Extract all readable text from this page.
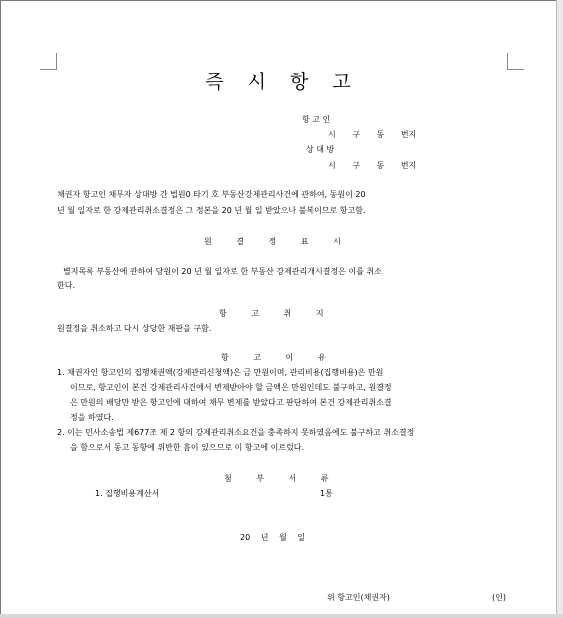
즉 시 항 고
항 고 인
시 구 동 번지
상 대 방
시 구 동 번지
채권자 항고인 채무자 상대방 간 법원0 타기 호 부동산강제관리사건에 관하여, 동원이 20
년 월 일자로 한 강제관리취소결정은 그 정본을 20 년 월 일 받았으나 불복이므로 항고함.
원 결 정 표 시
별지목록 부동산에 관하여 당원이 20 년 월 일자로 한 부동산 강제관리개시결정은 이를 취소
한다.
항 고 취 지
원결정을 취소하고 다시 상당한 재판을 구함.
항 고 이 유
1. 채권자인 항고인의 집행채권액(강제관리신청액)은 금 만원이며, 관리비용(집행비용)은 만원
이므로, 항고인이 본건 강제관리사건에서 변제받아야 할 금액은 만원인데도 불구하고, 원결정
은 만원의 배당만 받은 항고인에 대하여 채무 변제를 받았다고 판단하여 본건 강제관리취소결
정을 하였다.
2. 이는 민사소송법 제677조 제 2 항의 강제관리취소요건을 충족하지 못하였음에도 불구하고 취소결정
을 함으로서 동고 동항에 위반한 흠이 있으므로 이 항고에 이르렀다.
첨 부 서 류
1. 집행비용계산서	1통
20 년 월 일
위 항고인(채권자)	(인)
